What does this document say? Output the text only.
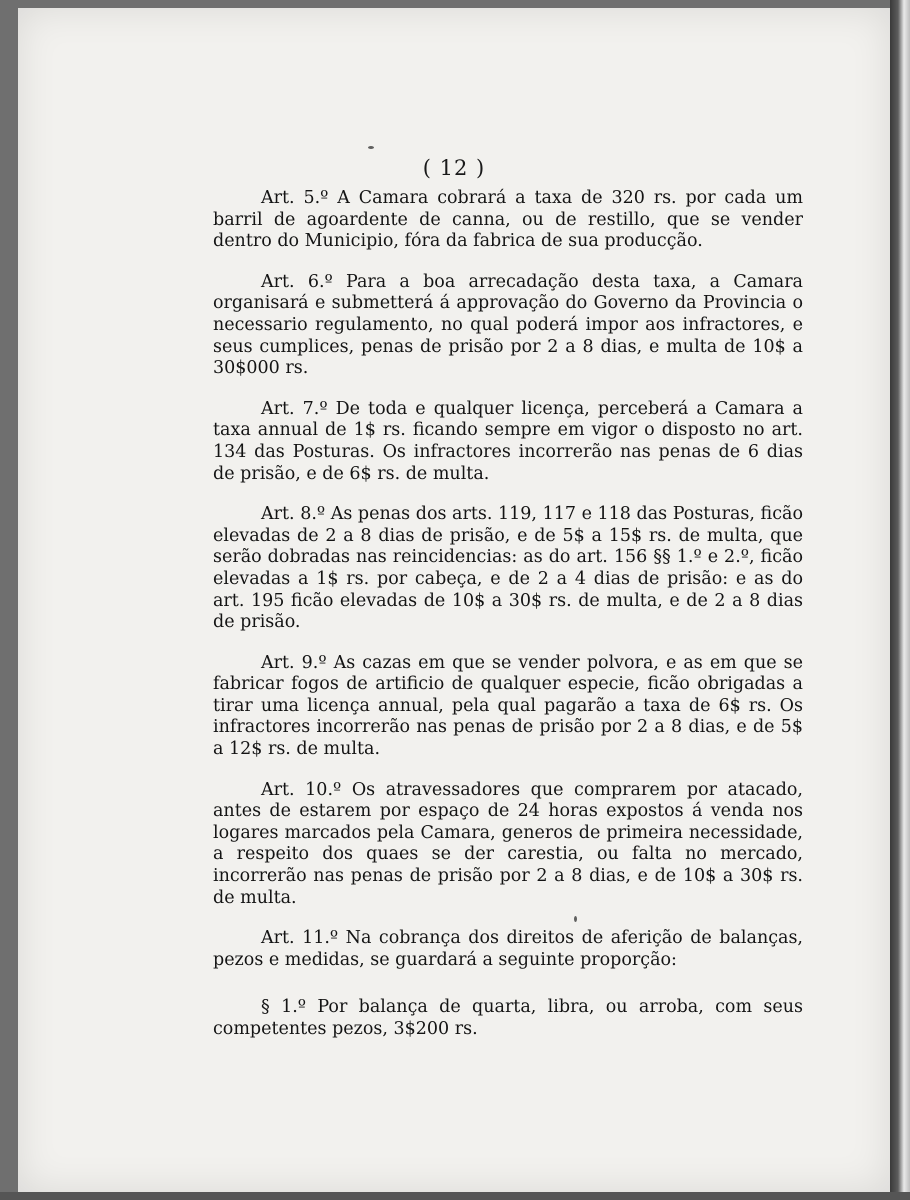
( 12 )

Art. 5.º A Camara cobrará a taxa de 320 rs. por cada um barril de agoardente de canna, ou de restillo, que se vender dentro do Municipio, fóra da fabrica de sua producção.

Art. 6.º Para a boa arrecadação desta taxa, a Camara organisará e submetterá á approvação do Governo da Provincia o necessario regulamento, no qual poderá impor aos infractores, e seus cumplices, penas de prisão por 2 a 8 dias, e multa de 10$ a 30$000 rs.

Art. 7.º De toda e qualquer licença, perceberá a Camara a taxa annual de 1$ rs. ficando sempre em vigor o disposto no art. 134 das Posturas. Os infractores incorrerão nas penas de 6 dias de prisão, e de 6$ rs. de multa.

Art. 8.º As penas dos arts. 119, 117 e 118 das Posturas, ficão elevadas de 2 a 8 dias de prisão, e de 5$ a 15$ rs. de multa, que serão dobradas nas reincidencias: as do art. 156 §§ 1.º e 2.º, ficão elevadas a 1$ rs. por cabeça, e de 2 a 4 dias de prisão: e as do art. 195 ficão elevadas de 10$ a 30$ rs. de multa, e de 2 a 8 dias de prisão.

Art. 9.º As cazas em que se vender polvora, e as em que se fabricar fogos de artificio de qualquer especie, ficão obrigadas a tirar uma licença annual, pela qual pagarão a taxa de 6$ rs. Os infractores incorrerão nas penas de prisão por 2 a 8 dias, e de 5$ a 12$ rs. de multa.

Art. 10.º Os atravessadores que comprarem por atacado, antes de estarem por espaço de 24 horas expostos á venda nos logares marcados pela Camara, generos de primeira necessidade, a respeito dos quaes se der carestia, ou falta no mercado, incorrerão nas penas de prisão por 2 a 8 dias, e de 10$ a 30$ rs. de multa.

Art. 11.º Na cobrança dos direitos de aferição de balanças, pezos e medidas, se guardará a seguinte proporção:

§ 1.º Por balança de quarta, libra, ou arroba, com seus competentes pezos, 3$200 rs.
